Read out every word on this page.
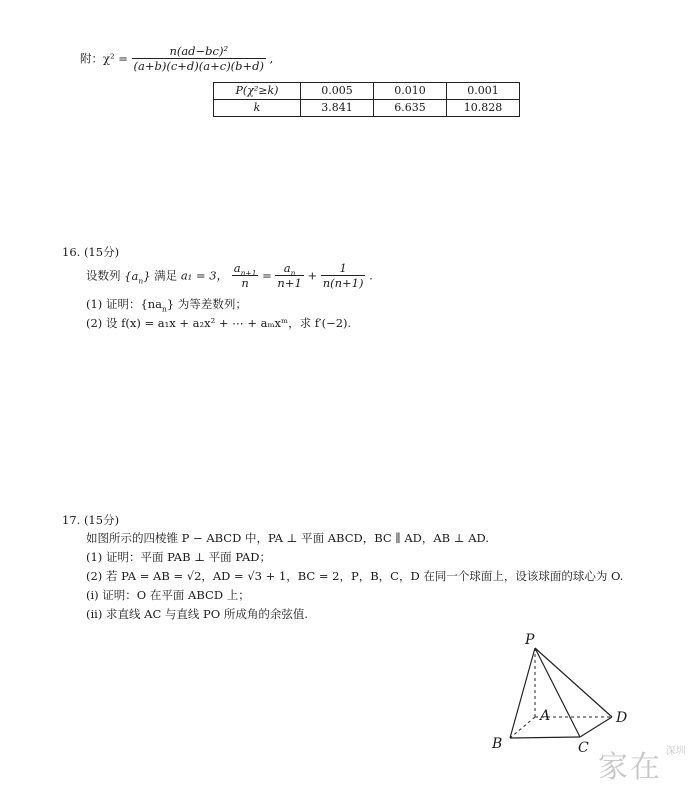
附：$\chi^2 = \frac{\text{n(ad−bc)²}}{(a+b)(c+d)(a+c)(b+d)}$ ,
P(χ²≥k)	0.005	0.010	0.001
k	3.841	6.635	10.828
16. (15分)
设数列 $\{a_n\}$ 满足 a₁ = 3， $\frac{a_{n+1}}{n} = \frac{a_n}{n+1} + \frac{1}{n(n+1)}$ .
(1) 证明：$\{na_n\}$ 为等差数列；
(2) 设 f(x) = a₁x + a₂x² + ⋯ + aₘxᵐ，求 f′(−2).
17. (15分)
如图所示的四棱锥 P − ABCD 中，PA ⊥ 平面 ABCD，BC ∥ AD，AB ⊥ AD.
(1) 证明：平面 PAB ⊥ 平面 PAD；
(2) 若 PA = AB = √2，AD = √3 + 1，BC = 2，P，B，C，D 在同一个球面上，设该球面的球心为 O.
(i) 证明：O 在平面 ABCD 上；
(ii) 求直线 AC 与直线 PO 所成角的余弦值.
P
A
B	C
D
家在 深圳
